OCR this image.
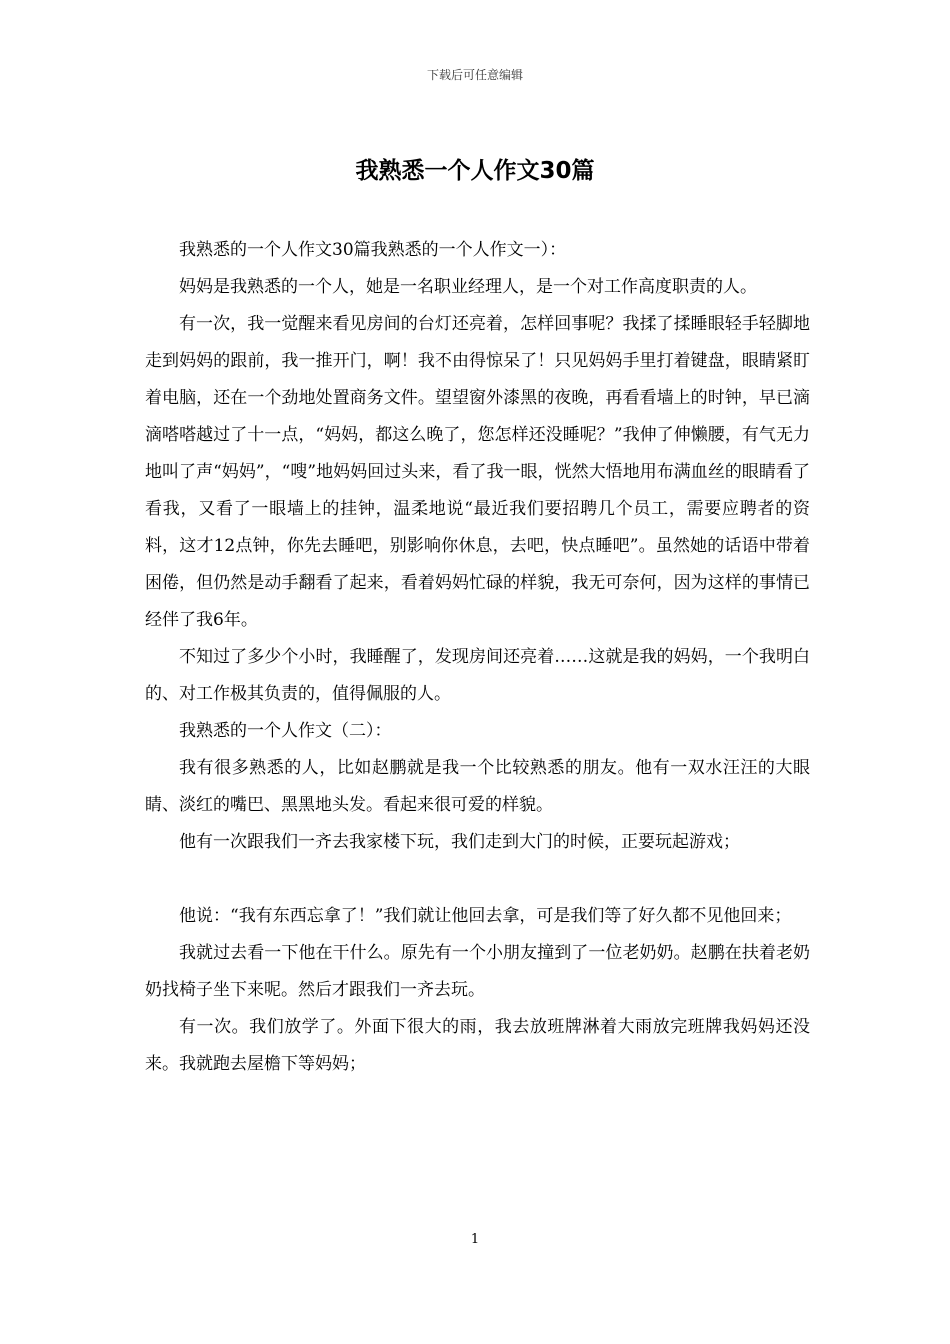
下载后可任意编辑
我熟悉一个人作文30篇

我熟悉的一个人作文30篇我熟悉的一个人作文一）：

妈妈是我熟悉的一个人，她是一名职业经理人，是一个对工作高度职责的人。

有一次，我一觉醒来看见房间的台灯还亮着，怎样回事呢？我揉了揉睡眼轻手轻脚地走到妈妈的跟前，我一推开门，啊！我不由得惊呆了！只见妈妈手里打着键盘，眼睛紧盯着电脑，还在一个劲地处置商务文件。望望窗外漆黑的夜晚，再看看墙上的时钟，早已滴滴嗒嗒越过了十一点，“妈妈，都这么晚了，您怎样还没睡呢？”我伸了伸懒腰，有气无力地叫了声“妈妈”，“嗖”地妈妈回过头来，看了我一眼，恍然大悟地用布满血丝的眼睛看了看我，又看了一眼墙上的挂钟，温柔地说“最近我们要招聘几个员工，需要应聘者的资料，这才12点钟，你先去睡吧，别影响你休息，去吧，快点睡吧”。虽然她的话语中带着困倦，但仍然是动手翻看了起来，看着妈妈忙碌的样貌，我无可奈何，因为这样的事情已经伴了我6年。

不知过了多少个小时，我睡醒了，发现房间还亮着……这就是我的妈妈，一个我明白的、对工作极其负责的，值得佩服的人。

我熟悉的一个人作文（二）：

我有很多熟悉的人，比如赵鹏就是我一个比较熟悉的朋友。他有一双水汪汪的大眼睛、淡红的嘴巴、黑黑地头发。看起来很可爱的样貌。

他有一次跟我们一齐去我家楼下玩，我们走到大门的时候，正要玩起游戏；

他说：“我有东西忘拿了！”我们就让他回去拿，可是我们等了好久都不见他回来；

我就过去看一下他在干什么。原先有一个小朋友撞到了一位老奶奶。赵鹏在扶着老奶奶找椅子坐下来呢。然后才跟我们一齐去玩。

有一次。我们放学了。外面下很大的雨，我去放班牌淋着大雨放完班牌我妈妈还没来。我就跑去屋檐下等妈妈；

1
